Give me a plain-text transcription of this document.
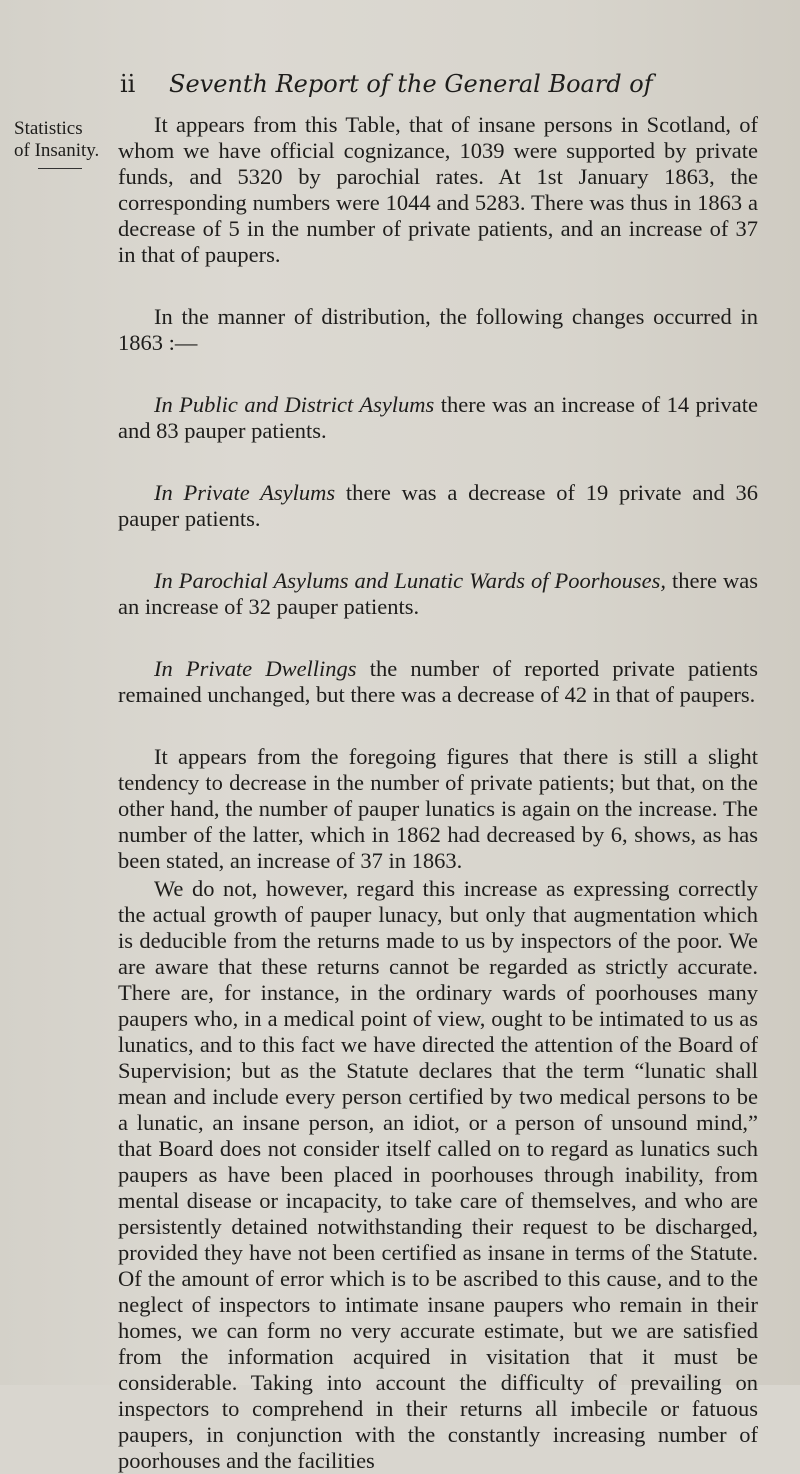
ii Seventh Report of the General Board of
Statistics
of Insanity.

It appears from this Table, that of insane persons in Scotland, of whom we have official cognizance, 1039 were supported by private funds, and 5320 by parochial rates. At 1st January 1863, the corresponding numbers were 1044 and 5283. There was thus in 1863 a decrease of 5 in the number of private patients, and an increase of 37 in that of paupers.

In the manner of distribution, the following changes occurred in 1863 :—

In Public and District Asylums there was an increase of 14 private and 83 pauper patients.

In Private Asylums there was a decrease of 19 private and 36 pauper patients.

In Parochial Asylums and Lunatic Wards of Poorhouses, there was an increase of 32 pauper patients.

In Private Dwellings the number of reported private patients remained unchanged, but there was a decrease of 42 in that of paupers.

It appears from the foregoing figures that there is still a slight tendency to decrease in the number of private patients; but that, on the other hand, the number of pauper lunatics is again on the increase. The number of the latter, which in 1862 had decreased by 6, shows, as has been stated, an increase of 37 in 1863.

We do not, however, regard this increase as expressing correctly the actual growth of pauper lunacy, but only that augmentation which is deducible from the returns made to us by inspectors of the poor. We are aware that these returns cannot be regarded as strictly accurate. There are, for instance, in the ordinary wards of poorhouses many paupers who, in a medical point of view, ought to be intimated to us as lunatics, and to this fact we have directed the attention of the Board of Supervision; but as the Statute declares that the term “lunatic shall mean and include every person certified by two medical persons to be a lunatic, an insane person, an idiot, or a person of unsound mind,” that Board does not consider itself called on to regard as lunatics such paupers as have been placed in poorhouses through inability, from mental disease or incapacity, to take care of themselves, and who are persistently detained notwithstanding their request to be discharged, provided they have not been certified as insane in terms of the Statute. Of the amount of error which is to be ascribed to this cause, and to the neglect of inspectors to intimate insane paupers who remain in their homes, we can form no very accurate estimate, but we are satisfied from the information acquired in visitation that it must be considerable. Taking into account the difficulty of prevailing on inspectors to comprehend in their returns all imbecile or fatuous paupers, in conjunction with the constantly increasing number of poorhouses and the facilities
